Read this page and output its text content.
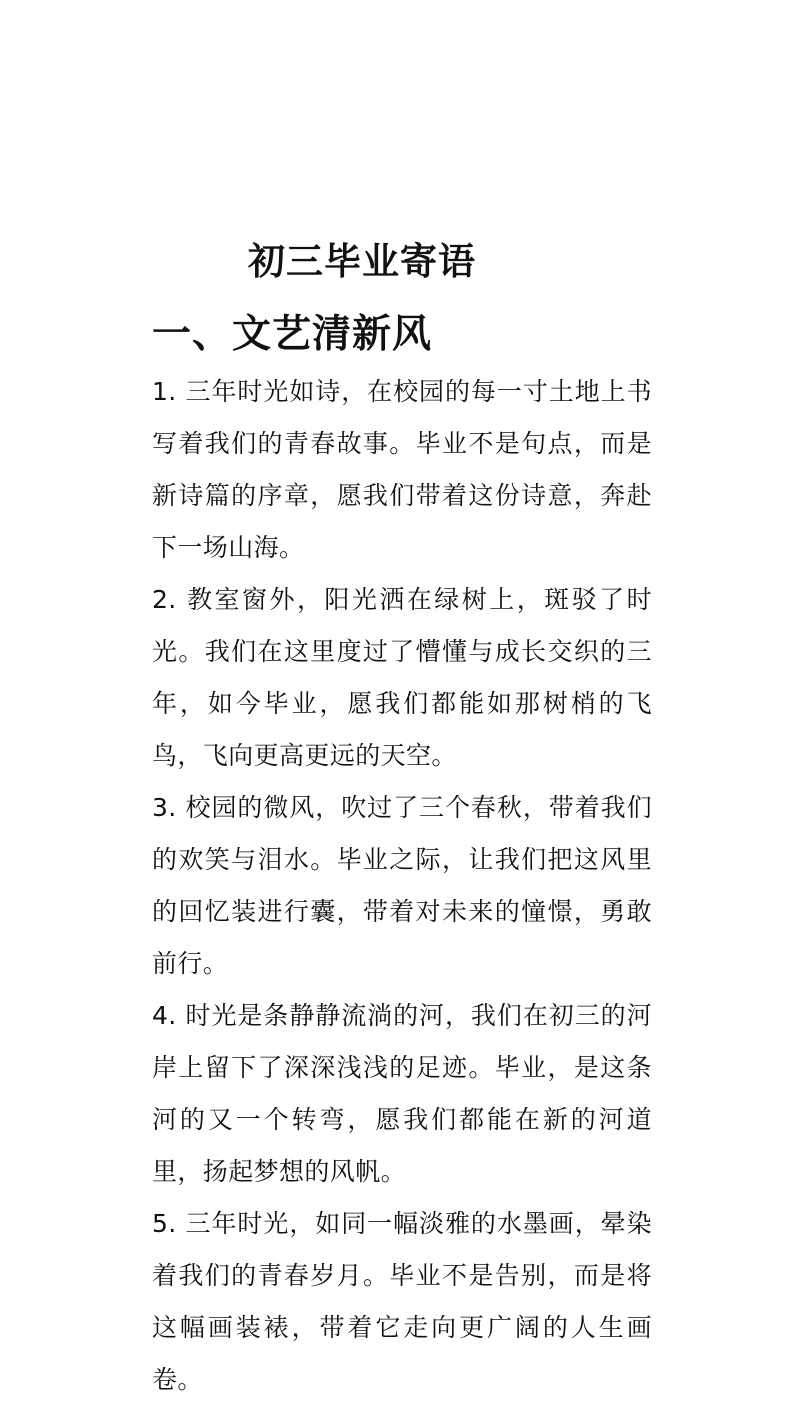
初三毕业寄语
一、文艺清新风

1. 三年时光如诗，在校园的每一寸土地上书写着我们的青春故事。毕业不是句点，而是新诗篇的序章，愿我们带着这份诗意，奔赴下一场山海。

2. 教室窗外，阳光洒在绿树上，斑驳了时光。我们在这里度过了懵懂与成长交织的三年，如今毕业，愿我们都能如那树梢的飞鸟，飞向更高更远的天空。

3. 校园的微风，吹过了三个春秋，带着我们的欢笑与泪水。毕业之际，让我们把这风里的回忆装进行囊，带着对未来的憧憬，勇敢前行。

4. 时光是条静静流淌的河，我们在初三的河岸上留下了深深浅浅的足迹。毕业，是这条河的又一个转弯，愿我们都能在新的河道里，扬起梦想的风帆。

5. 三年时光，如同一幅淡雅的水墨画，晕染着我们的青春岁月。毕业不是告别，而是将这幅画装裱，带着它走向更广阔的人生画卷。
